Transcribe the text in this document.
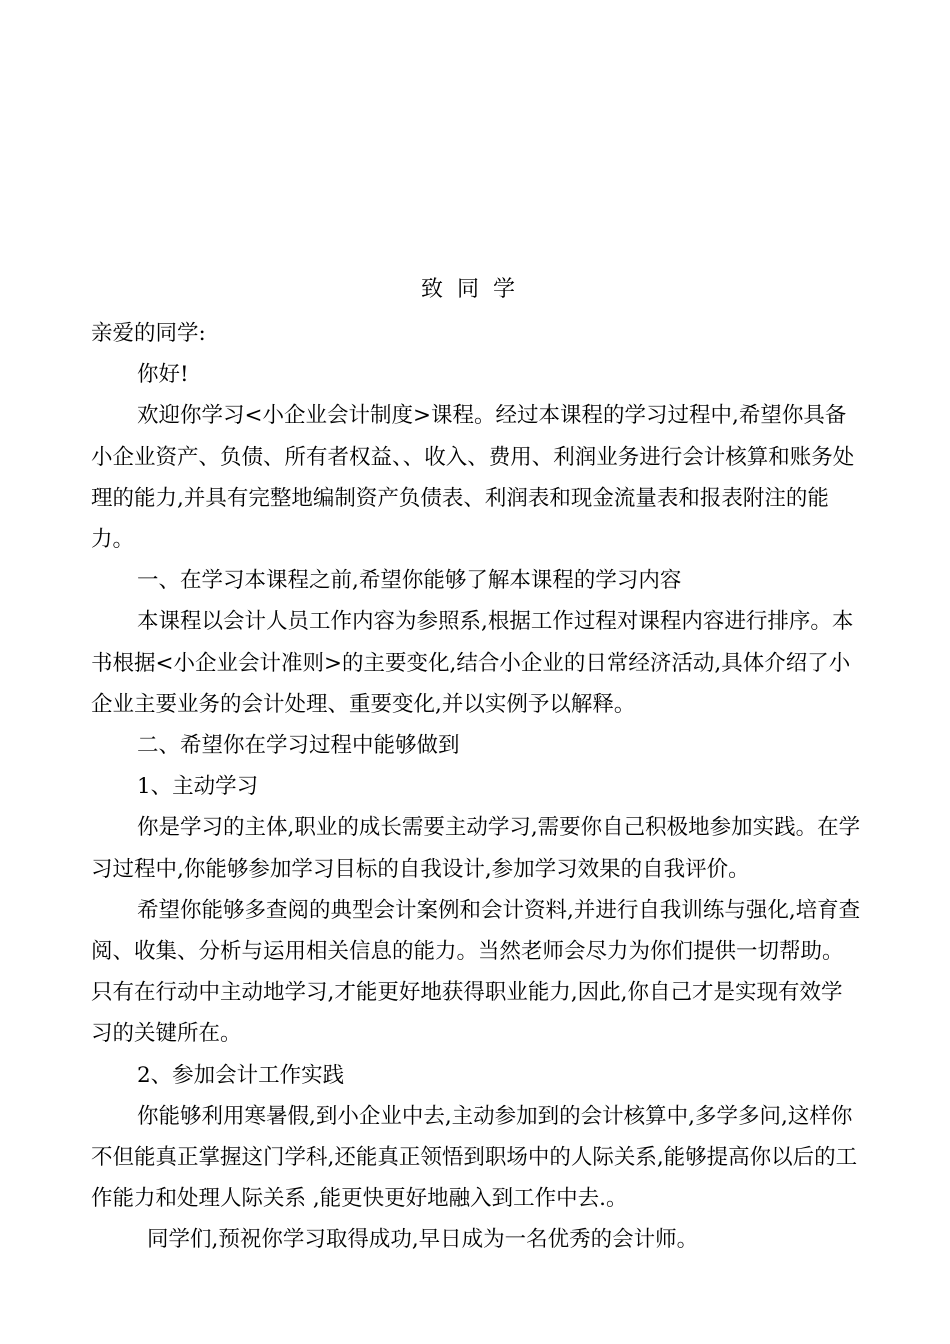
致同学

亲爱的同学:

你好!

欢迎你学习<小企业会计制度>课程。经过本课程的学习过程中,希望你具备小企业资产、负债、所有者权益、、收入、费用、利润业务进行会计核算和账务处理的能力,并具有完整地编制资产负债表、利润表和现金流量表和报表附注的能力。

一、在学习本课程之前,希望你能够了解本课程的学习内容

本课程以会计人员工作内容为参照系,根据工作过程对课程内容进行排序。本书根据<小企业会计准则>的主要变化,结合小企业的日常经济活动,具体介绍了小企业主要业务的会计处理、重要变化,并以实例予以解释。

二、希望你在学习过程中能够做到

1、主动学习

你是学习的主体,职业的成长需要主动学习,需要你自己积极地参加实践。在学习过程中,你能够参加学习目标的自我设计,参加学习效果的自我评价。

希望你能够多查阅的典型会计案例和会计资料,并进行自我训练与强化,培育查阅、收集、分析与运用相关信息的能力。当然老师会尽力为你们提供一切帮助。只有在行动中主动地学习,才能更好地获得职业能力,因此,你自己才是实现有效学习的关键所在。

2、参加会计工作实践

你能够利用寒暑假,到小企业中去,主动参加到的会计核算中,多学多问,这样你不但能真正掌握这门学科,还能真正领悟到职场中的人际关系,能够提高你以后的工作能力和处理人际关系 ,能更快更好地融入到工作中去.。

同学们,预祝你学习取得成功,早日成为一名优秀的会计师。
